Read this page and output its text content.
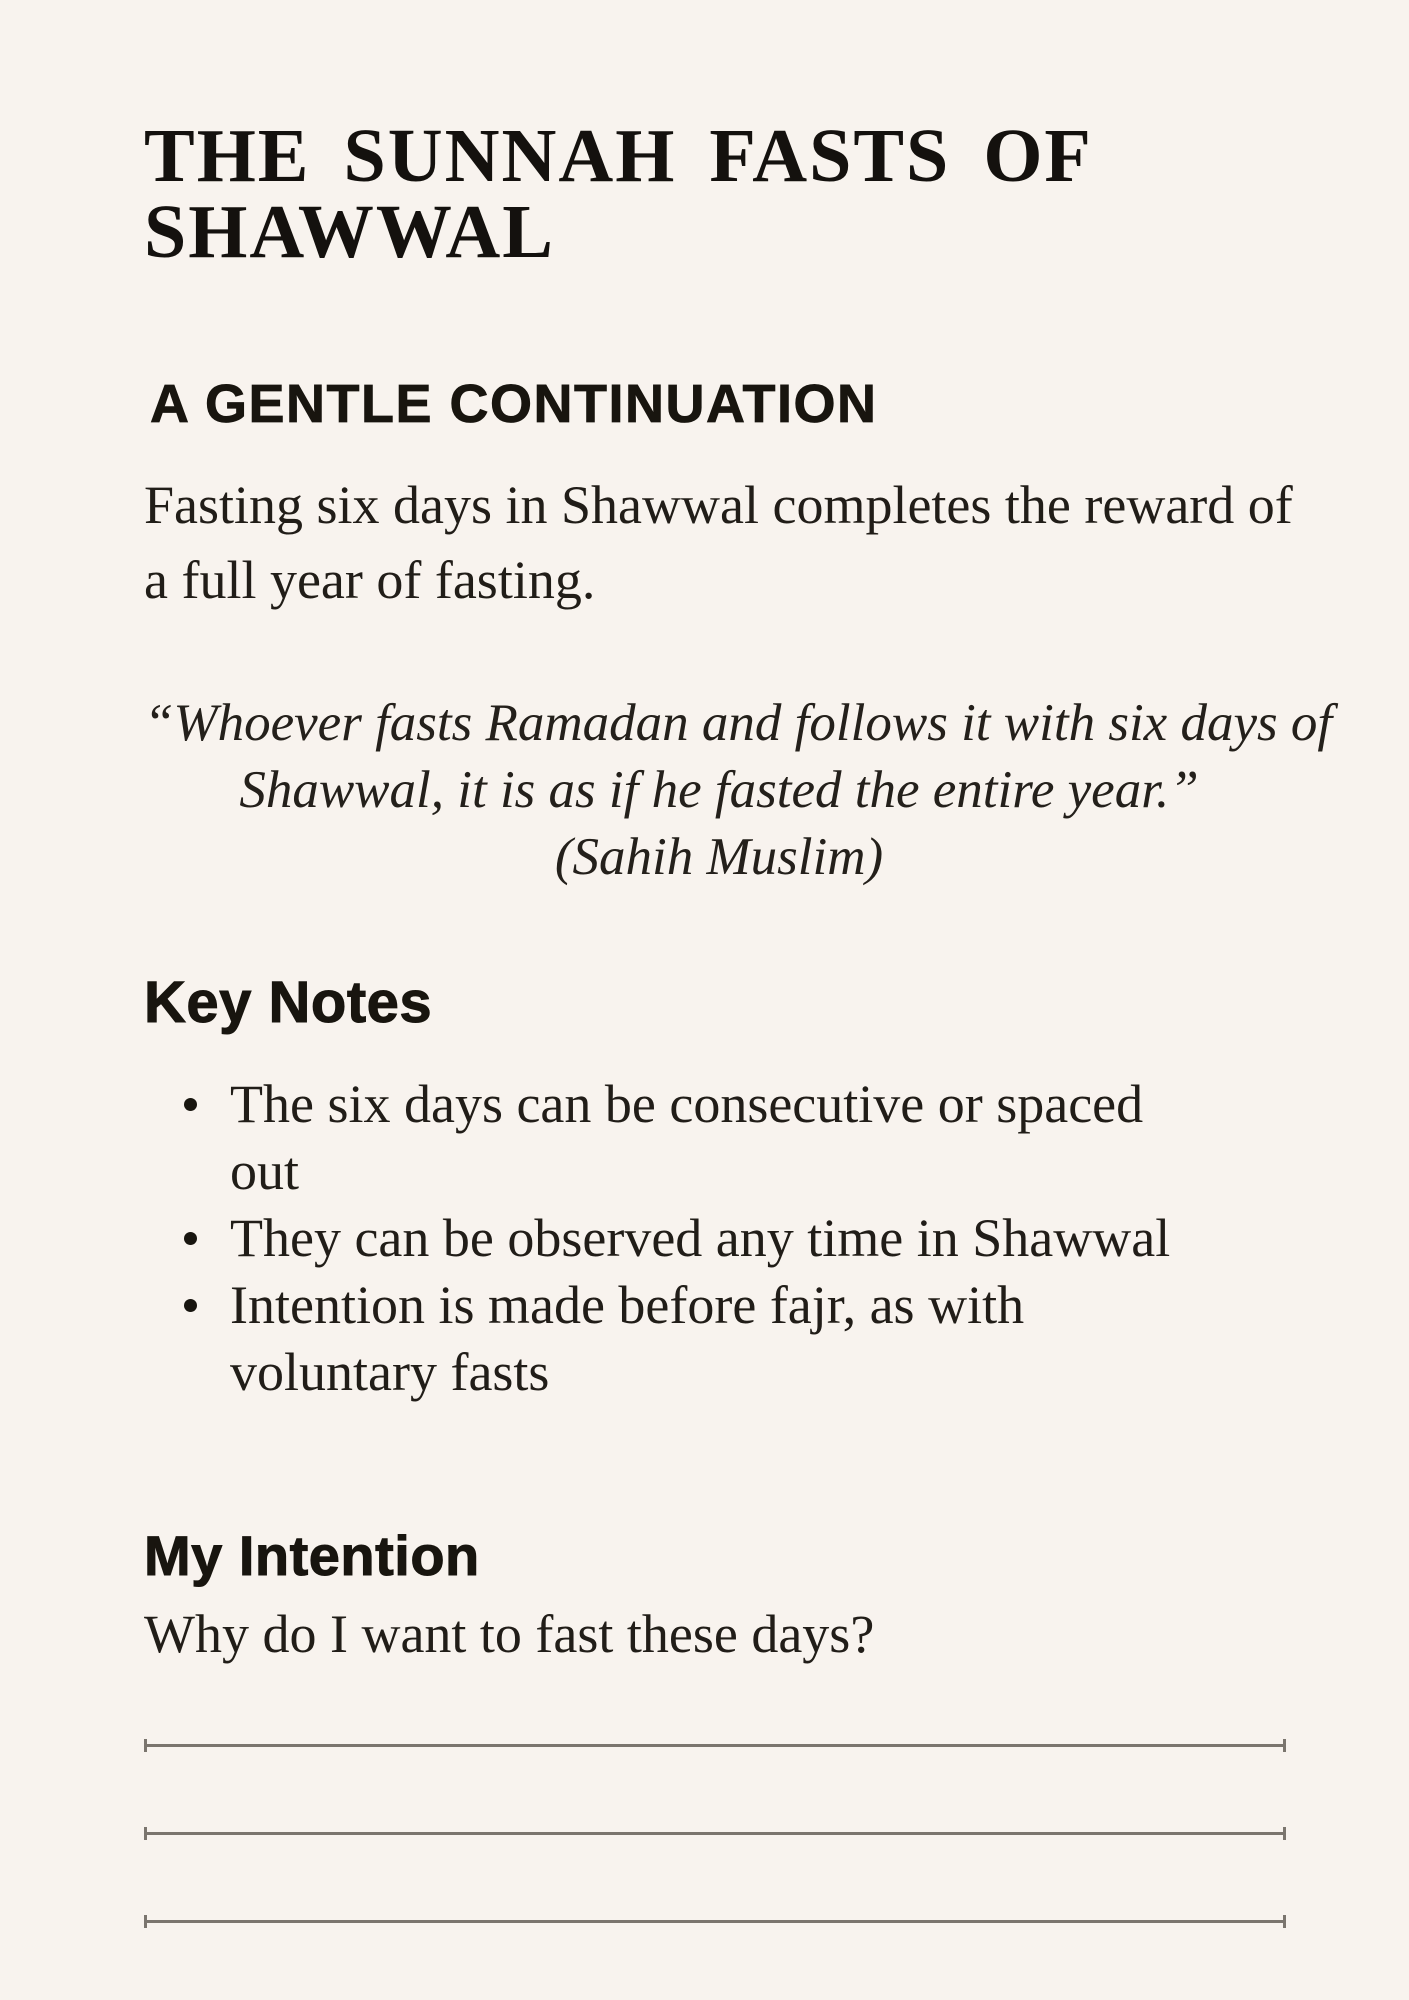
THE SUNNAH FASTS OF
SHAWWAL
A GENTLE CONTINUATION

Fasting six days in Shawwal completes the reward of
a full year of fasting.

“Whoever fasts Ramadan and follows it with six days of
Shawwal, it is as if he fasted the entire year.”
(Sahih Muslim)
Key Notes
The six days can be consecutive or spaced out
They can be observed any time in Shawwal
Intention is made before fajr, as with voluntary fasts
My Intention

Why do I want to fast these days?
